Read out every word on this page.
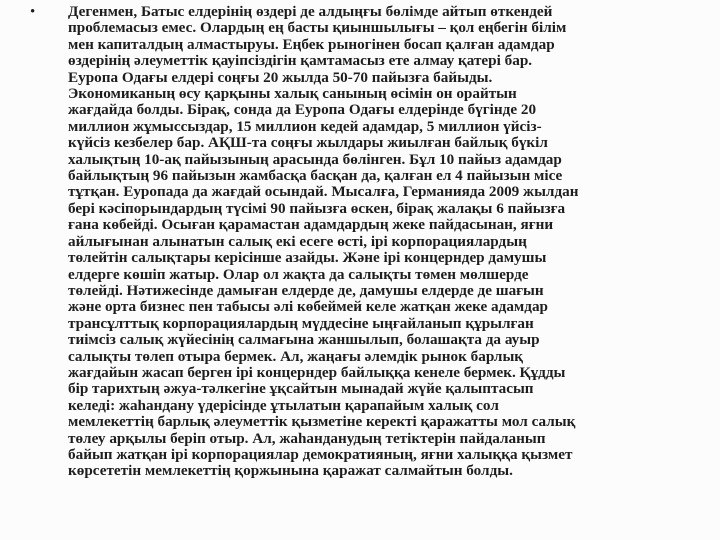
• Дегенмен, Батыс елдерінің өздері де алдыңғы бөлімде айтып өткендей
проблемасыз емес. Олардың ең басты қиыншылығы – қол еңбегін білім
мен капиталдың алмастыруы. Еңбек рыногінен босап қалған адамдар
өздерінің әлеуметтік қауіпсіздігін қамтамасыз ете алмау қатері бар.
Еуропа Одағы елдері соңғы 20 жылда 50-70 пайызға байыды.
Экономиканың өсу қарқыны халық санының өсімін он орайтын
жағдайда болды. Бірақ, сонда да Еуропа Одағы елдерінде бүгінде 20
миллион жұмыссыздар, 15 миллион кедей адамдар, 5 миллион үйсіз-
күйсіз кезбелер бар. АҚШ-та соңғы жылдары жиылған байлық бүкіл
халықтың 10-ақ пайызының арасында бөлінген. Бұл 10 пайыз адамдар
байлықтың 96 пайызын жамбасқа басқан да, қалған ел 4 пайызын місе
тұтқан. Еуропада да жағдай осындай. Мысалға, Германияда 2009 жылдан
бері кәсіпорындардың түсімі 90 пайызға өскен, бірақ жалақы 6 пайызға
ғана көбейді. Осыған қарамастан адамдардың жеке пайдасынан, яғни
айлығынан алынатын салық екі есеге өсті, ірі корпорациялардың
төлейтін салықтары керісінше азайды. Және ірі концерндер дамушы
елдерге көшіп жатыр. Олар ол жақта да салықты төмен мөлшерде
төлейді. Нәтижесінде дамыған елдерде де, дамушы елдерде де шағын
және орта бизнес пен табысы әлі көбеймей келе жатқан жеке адамдар
трансұлттық корпорациялардың мүддесіне ыңғайланып құрылған
тиімсіз салық жүйесінің салмағына жаншылып, болашақта да ауыр
салықты төлеп отыра бермек. Ал, жаңағы әлемдік рынок барлық
жағдайын жасап берген ірі концерндер байлыққа кенеле бермек. Құдды
бір тарихтың әжуа-тәлкегіне ұқсайтын мынадай жүйе қалыптасып
келеді: жаһандану үдерісінде ұтылатын қарапайым халық сол
мемлекеттің барлық әлеуметтік қызметіне керекті қаражатты мол салық
төлеу арқылы беріп отыр. Ал, жаһанданудың тетіктерін пайдаланып
байып жатқан ірі корпорациялар демократияның, яғни халыққа қызмет
көрсететін мемлекеттің қоржынына қаражат салмайтын болды.
